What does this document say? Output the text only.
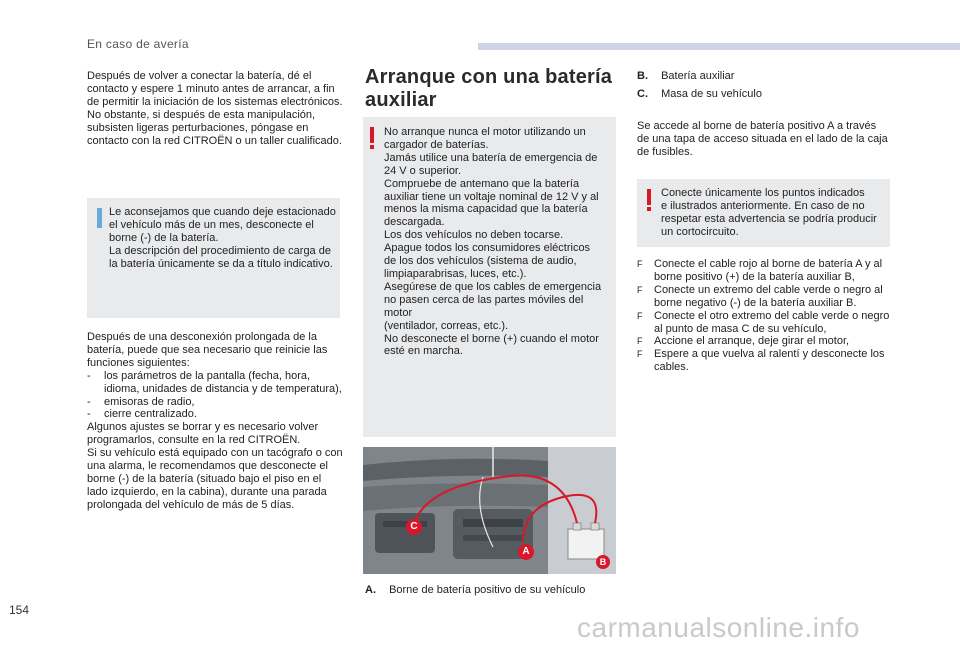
En caso de avería
Después de volver a conectar la batería, dé el
contacto y espere 1 minuto antes de arrancar, a fin
de permitir la iniciación de los sistemas electrónicos.
No obstante, si después de esta manipulación,
subsisten ligeras perturbaciones, póngase en
contacto con la red CITROËN o un taller cualificado.
Le aconsejamos que cuando deje estacionado
el vehículo más de un mes, desconecte el
borne (-) de la batería.
La descripción del procedimiento de carga de
la batería únicamente se da a título indicativo.
Después de una desconexión prolongada de la
batería, puede que sea necesario que reinicie las
funciones siguientes:
- los parámetros de la pantalla (fecha, hora,
idioma, unidades de distancia y de temperatura),
- emisoras de radio,
- cierre centralizado.
Algunos ajustes se borrar y es necesario volver
programarlos, consulte en la red CITROËN.
Si su vehículo está equipado con un tacógrafo o con
una alarma, le recomendamos que desconecte el
borne (-) de la batería (situado bajo el piso en el
lado izquierdo, en la cabina), durante una parada
prolongada del vehículo de más de 5 días.
Arranque con una batería
auxiliar
No arranque nunca el motor utilizando un
cargador de baterías.
Jamás utilice una batería de emergencia de
24 V o superior.
Compruebe de antemano que la batería
auxiliar tiene un voltaje nominal de 12 V y al
menos la misma capacidad que la batería
descargada.
Los dos vehículos no deben tocarse.
Apague todos los consumidores eléctricos
de los dos vehículos (sistema de audio,
limpiaparabrisas, luces, etc.).
Asegúrese de que los cables de emergencia
no pasen cerca de las partes móviles del motor
(ventilador, correas, etc.).
No desconecte el borne (+) cuando el motor
esté en marcha.
C
A
B
A. Borne de batería positivo de su vehículo
B. Batería auxiliar
C. Masa de su vehículo
Se accede al borne de batería positivo A a través
de una tapa de acceso situada en el lado de la caja
de fusibles.
Conecte únicamente los puntos indicados
e ilustrados anteriormente. En caso de no
respetar esta advertencia se podría producir
un cortocircuito.
F Conecte el cable rojo al borne de batería A y al
borne positivo (+) de la batería auxiliar B,
F Conecte un extremo del cable verde o negro al
borne negativo (-) de la batería auxiliar B.
F Conecte el otro extremo del cable verde o negro
al punto de masa C de su vehículo,
F Accione el arranque, deje girar el motor,
F Espere a que vuelva al ralentí y desconecte los
cables.
154
carmanualsonline.info
